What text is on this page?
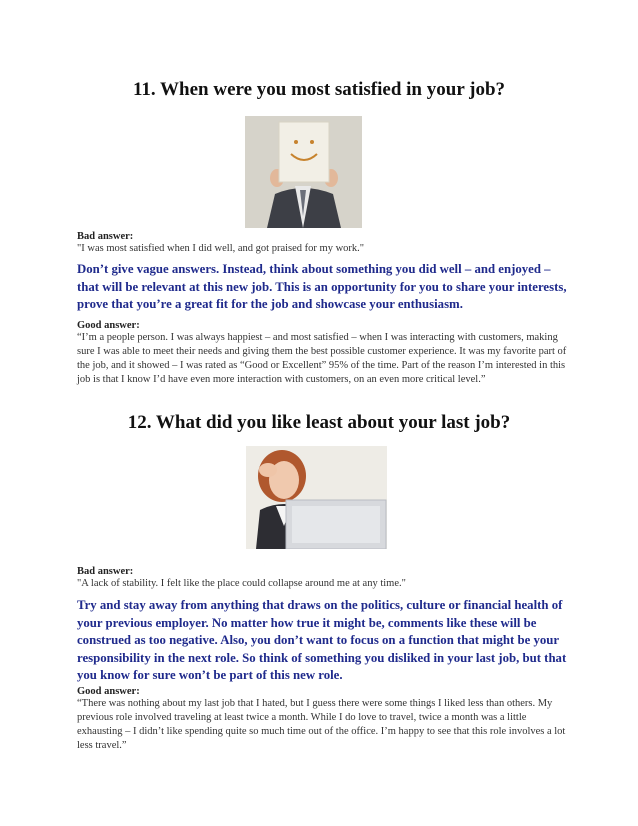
11. When were you most satisfied in your job?

Bad answer:

"I was most satisfied when I did well, and got praised for my work."

Don’t give vague answers. Instead, think about something you did well – and enjoyed –that will be relevant at this new job. This is an opportunity for you to share your interests, prove that you’re a great fit for the job and showcase your enthusiasm.

Good answer:

“I’m a people person. I was always happiest – and most satisfied – when I was interacting with customers, making sure I was able to meet their needs and giving them the best possible customer experience. It was my favorite part of the job, and it showed – I was rated as “Good or Excellent” 95% of the time. Part of the reason I’m interested in this job is that I know I’d have even more interaction with customers, on an even more critical level.”

12. What did you like least about your last job?

Bad answer:

"A lack of stability. I felt like the place could collapse around me at any time."

Try and stay away from anything that draws on the politics, culture or financial health of your previous employer. No matter how true it might be, comments like these will be construed as too negative. Also, you don’t want to focus on a function that might be your responsibility in the next role. So think of something you disliked in your last job, but that you know for sure won’t be part of this new role.

Good answer:

“There was nothing about my last job that I hated, but I guess there were some things I liked less than others. My previous role involved traveling at least twice a month. While I do love to travel, twice a month was a little exhausting – I didn’t like spending quite so much time out of the office. I’m happy to see that this role involves a lot less travel.”
